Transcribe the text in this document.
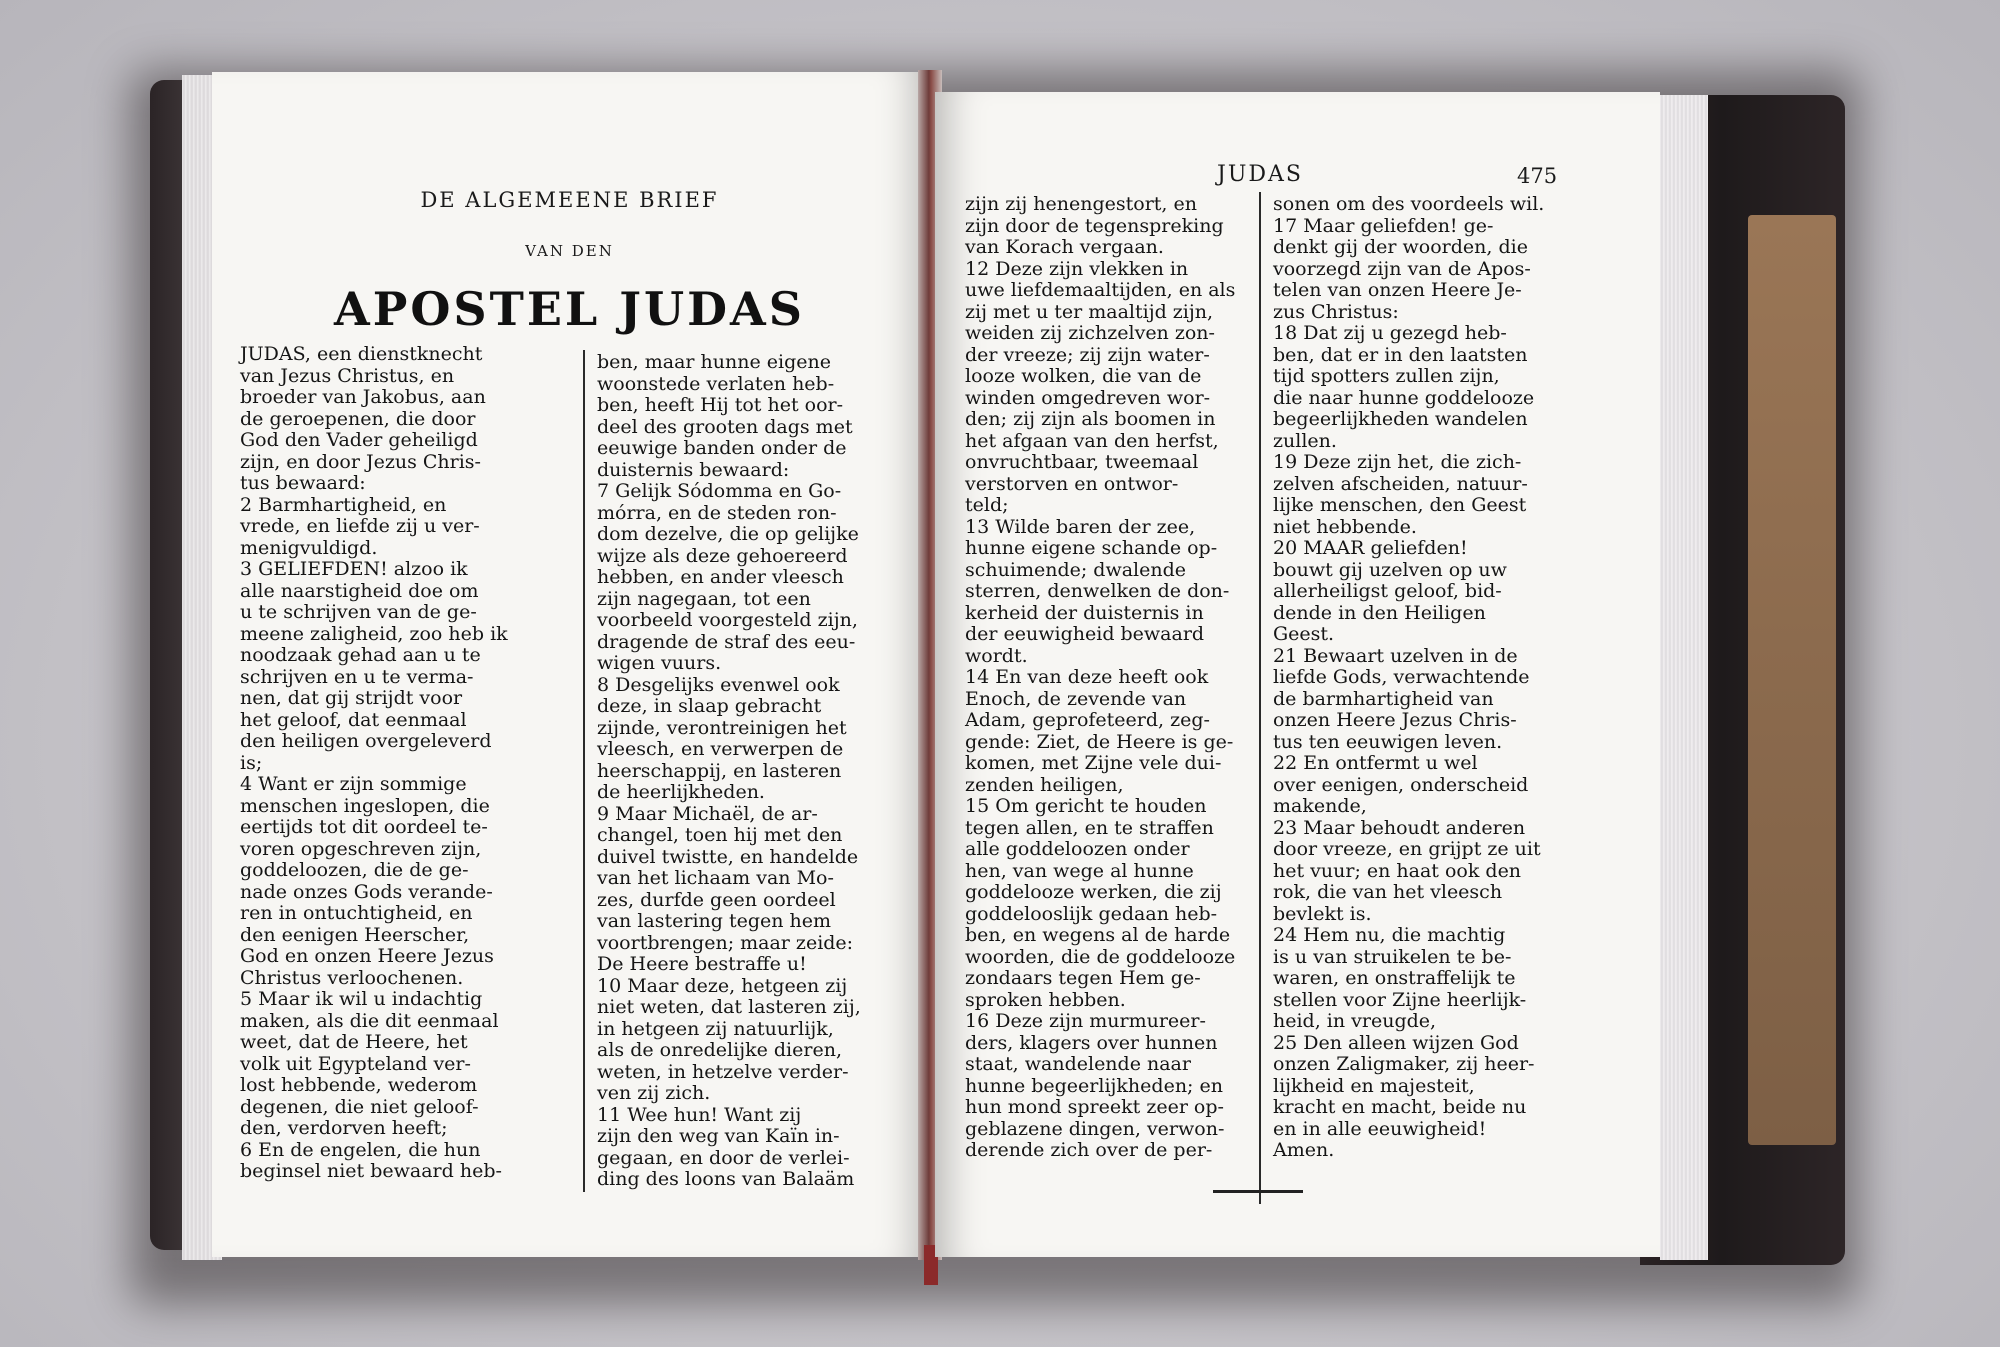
DE ALGEMEENE BRIEF
VAN DEN
APOSTEL JUDAS
JUDAS, een dienstknecht
van Jezus Christus, en
broeder van Jakobus, aan
de geroepenen, die door
God den Vader geheiligd
zijn, en door Jezus Chris-
tus bewaard:
2 Barmhartigheid, en
vrede, en liefde zij u ver-
menigvuldigd.
3 GELIEFDEN! alzoo ik
alle naarstigheid doe om
u te schrijven van de ge-
meene zaligheid, zoo heb ik
noodzaak gehad aan u te
schrijven en u te verma-
nen, dat gij strijdt voor
het geloof, dat eenmaal
den heiligen overgeleverd
is;
4 Want er zijn sommige
menschen ingeslopen, die
eertijds tot dit oordeel te-
voren opgeschreven zijn,
goddeloozen, die de ge-
nade onzes Gods verande-
ren in ontuchtigheid, en
den eenigen Heerscher,
God en onzen Heere Jezus
Christus verloochenen.
5 Maar ik wil u indachtig
maken, als die dit eenmaal
weet, dat de Heere, het
volk uit Egypteland ver-
lost hebbende, wederom
degenen, die niet geloof-
den, verdorven heeft;
6 En de engelen, die hun
beginsel niet bewaard heb-
ben, maar hunne eigene
woonstede verlaten heb-
ben, heeft Hij tot het oor-
deel des grooten dags met
eeuwige banden onder de
duisternis bewaard:
7 Gelijk Sódomma en Go-
mórra, en de steden ron-
dom dezelve, die op gelijke
wijze als deze gehoereerd
hebben, en ander vleesch
zijn nagegaan, tot een
voorbeeld voorgesteld zijn,
dragende de straf des eeu-
wigen vuurs.
8 Desgelijks evenwel ook
deze, in slaap gebracht
zijnde, verontreinigen het
vleesch, en verwerpen de
heerschappij, en lasteren
de heerlijkheden.
9 Maar Michaël, de ar-
changel, toen hij met den
duivel twistte, en handelde
van het lichaam van Mo-
zes, durfde geen oordeel
van lastering tegen hem
voortbrengen; maar zeide:
De Heere bestraffe u!
10 Maar deze, hetgeen zij
niet weten, dat lasteren zij,
in hetgeen zij natuurlijk,
als de onredelijke dieren,
weten, in hetzelve verder-
ven zij zich.
11 Wee hun! Want zij
zijn den weg van Kaïn in-
gegaan, en door de verlei-
ding des loons van Balaäm
JUDAS	475
zijn zij henengestort, en
zijn door de tegenspreking
van Korach vergaan.
12 Deze zijn vlekken in
uwe liefdemaaltijden, en als
zij met u ter maaltijd zijn,
weiden zij zichzelven zon-
der vreeze; zij zijn water-
looze wolken, die van de
winden omgedreven wor-
den; zij zijn als boomen in
het afgaan van den herfst,
onvruchtbaar, tweemaal
verstorven en ontwor-
teld;
13 Wilde baren der zee,
hunne eigene schande op-
schuimende; dwalende
sterren, denwelken de don-
kerheid der duisternis in
der eeuwigheid bewaard
wordt.
14 En van deze heeft ook
Enoch, de zevende van
Adam, geprofeteerd, zeg-
gende: Ziet, de Heere is ge-
komen, met Zijne vele dui-
zenden heiligen,
15 Om gericht te houden
tegen allen, en te straffen
alle goddeloozen onder
hen, van wege al hunne
goddelooze werken, die zij
goddelooslijk gedaan heb-
ben, en wegens al de harde
woorden, die de goddelooze
zondaars tegen Hem ge-
sproken hebben.
16 Deze zijn murmureer-
ders, klagers over hunnen
staat, wandelende naar
hunne begeerlijkheden; en
hun mond spreekt zeer op-
geblazene dingen, verwon-
derende zich over de per-
sonen om des voordeels wil.
17 Maar geliefden! ge-
denkt gij der woorden, die
voorzegd zijn van de Apos-
telen van onzen Heere Je-
zus Christus:
18 Dat zij u gezegd heb-
ben, dat er in den laatsten
tijd spotters zullen zijn,
die naar hunne goddelooze
begeerlijkheden wandelen
zullen.
19 Deze zijn het, die zich-
zelven afscheiden, natuur-
lijke menschen, den Geest
niet hebbende.
20 MAAR geliefden!
bouwt gij uzelven op uw
allerheiligst geloof, bid-
dende in den Heiligen
Geest.
21 Bewaart uzelven in de
liefde Gods, verwachtende
de barmhartigheid van
onzen Heere Jezus Chris-
tus ten eeuwigen leven.
22 En ontfermt u wel
over eenigen, onderscheid
makende,
23 Maar behoudt anderen
door vreeze, en grijpt ze uit
het vuur; en haat ook den
rok, die van het vleesch
bevlekt is.
24 Hem nu, die machtig
is u van struikelen te be-
waren, en onstraffelijk te
stellen voor Zijne heerlijk-
heid, in vreugde,
25 Den alleen wijzen God
onzen Zaligmaker, zij heer-
lijkheid en majesteit,
kracht en macht, beide nu
en in alle eeuwigheid!
Amen.
